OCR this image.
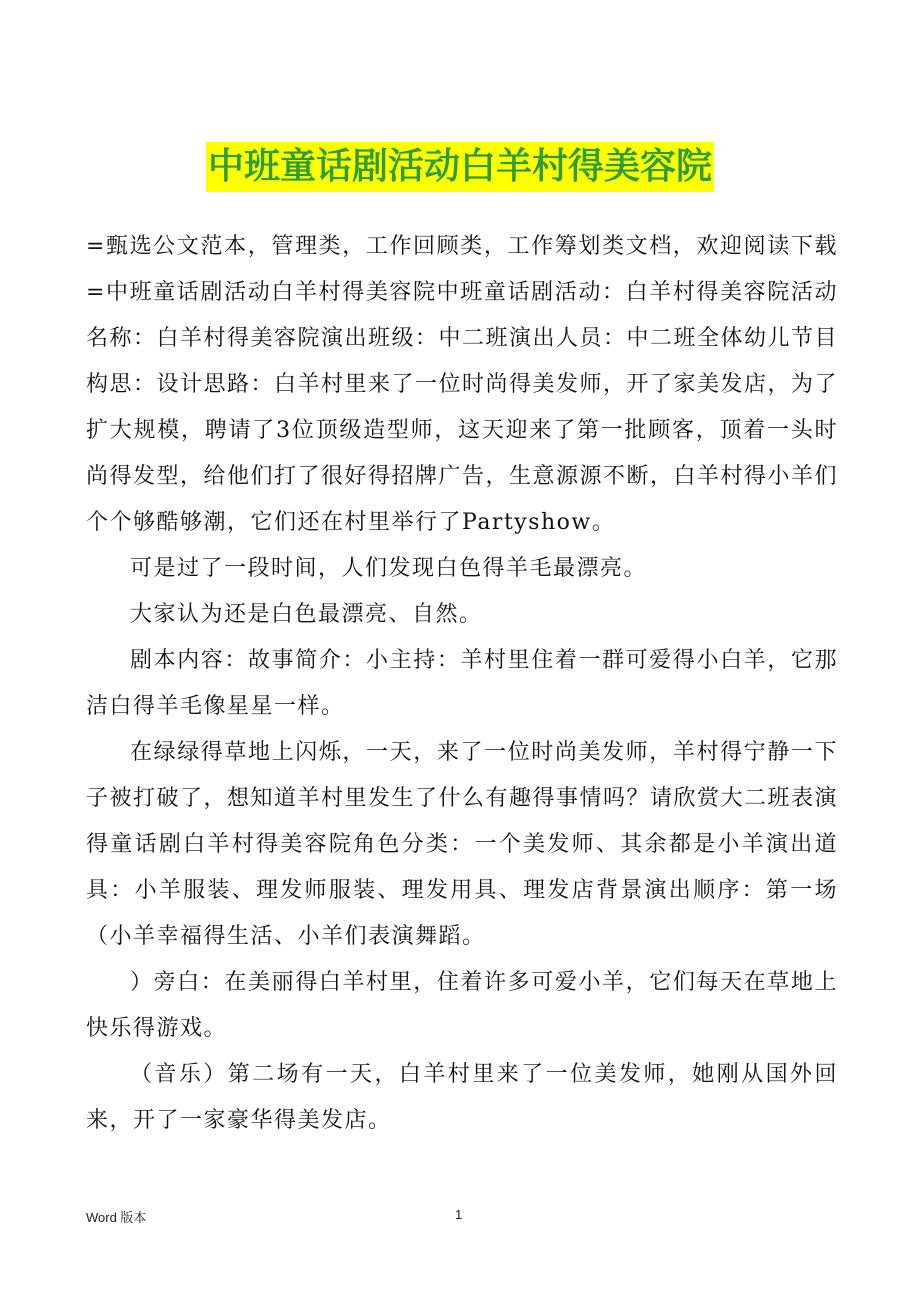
中班童话剧活动白羊村得美容院

=甄选公文范本，管理类，工作回顾类，工作筹划类文档，欢迎阅读下载=中班童话剧活动白羊村得美容院中班童话剧活动：白羊村得美容院活动名称：白羊村得美容院演出班级：中二班演出人员：中二班全体幼儿节目构思：设计思路：白羊村里来了一位时尚得美发师，开了家美发店，为了扩大规模，聘请了3位顶级造型师，这天迎来了第一批顾客，顶着一头时尚得发型，给他们打了很好得招牌广告，生意源源不断，白羊村得小羊们个个够酷够潮，它们还在村里举行了Partyshow。

可是过了一段时间，人们发现白色得羊毛最漂亮。

大家认为还是白色最漂亮、自然。

剧本内容：故事简介：小主持：羊村里住着一群可爱得小白羊，它那洁白得羊毛像星星一样。

在绿绿得草地上闪烁，一天，来了一位时尚美发师，羊村得宁静一下子被打破了，想知道羊村里发生了什么有趣得事情吗？请欣赏大二班表演得童话剧白羊村得美容院角色分类：一个美发师、其余都是小羊演出道具：小羊服装、理发师服装、理发用具、理发店背景演出顺序：第一场（小羊幸福得生活、小羊们表演舞蹈。

）旁白：在美丽得白羊村里，住着许多可爱小羊，它们每天在草地上快乐得游戏。

（音乐）第二场有一天，白羊村里来了一位美发师，她刚从国外回来，开了一家豪华得美发店。

Word 版本	1
